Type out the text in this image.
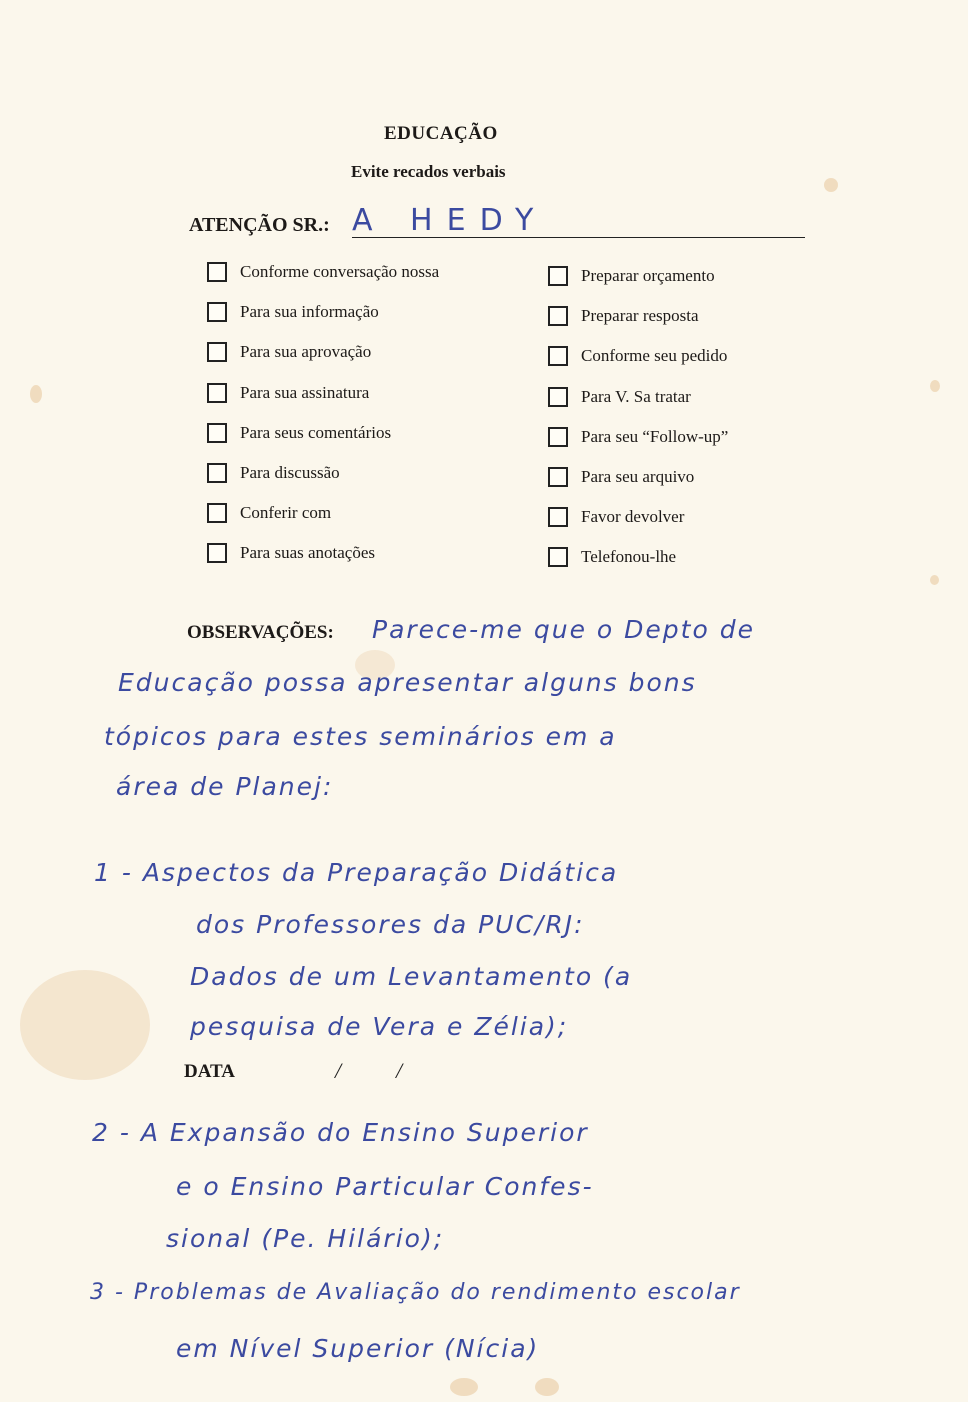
EDUCAÇÃO
Evite recados verbais
ATENÇÃO SR.: A HEDY
Conforme conversação nossa
Para sua informação
Para sua aprovação
Para sua assinatura
Para seus comentários
Para discussão
Conferir com
Para suas anotações
Preparar orçamento
Preparar resposta
Conforme seu pedido
Para V. Sa tratar
Para seu “Follow-up”
Para seu arquivo
Favor devolver
Telefonou-lhe
OBSERVAÇÕES: Parece-me que o Depto de
Educação possa apresentar alguns bons
tópicos para estes seminários em a
área de Planej:
1 - Aspectos da Preparação Didática
dos Professores da PUC/RJ:
Dados de um Levantamento (a
pesquisa de Vera e Zélia);
DATA	/ /
2 - A Expansão do Ensino Superior
e o Ensino Particular Confes-
sional (Pe. Hilário);
3 - Problemas de Avaliação do rendimento escolar
em Nível Superior (Nícia)
